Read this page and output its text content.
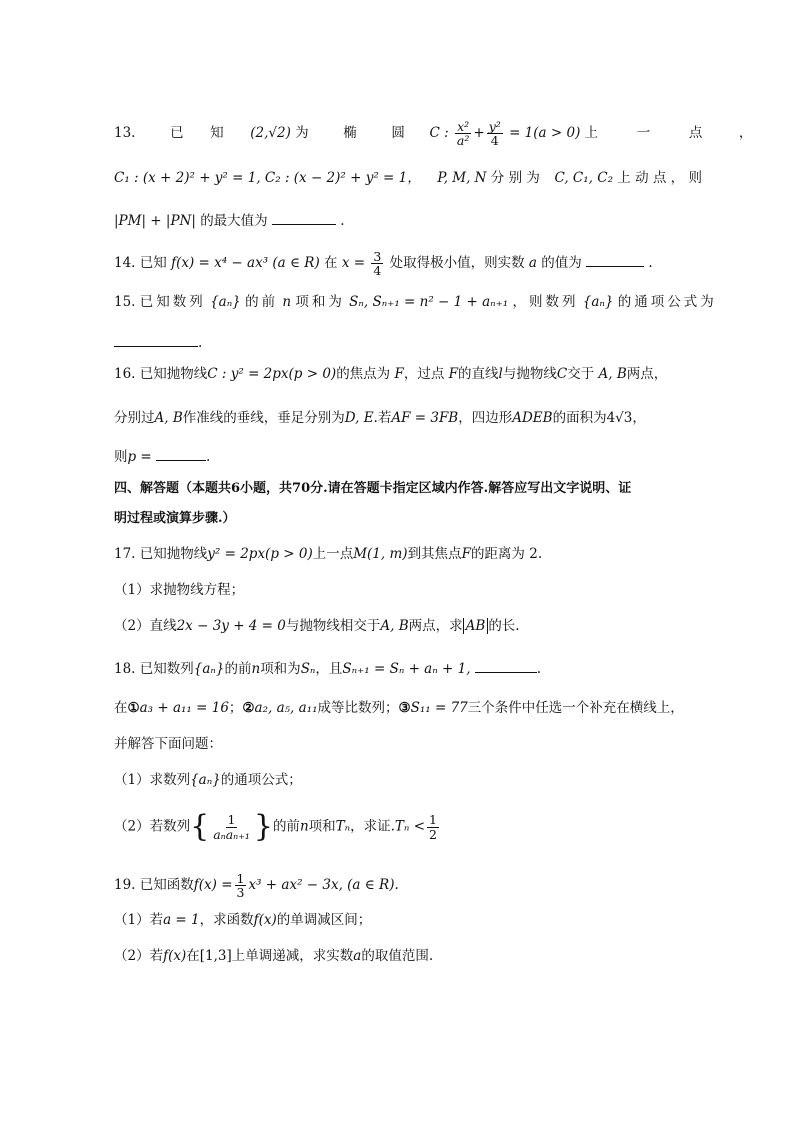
13.	已 知 (2,√2) 为	椭	圆 C : $\frac{\text{x²}}{\text{a²}} + \frac{\text{y²}}{4} = 1(a > 0)$ 上	一	点	，
C₁ : (x + 2)² + y² = 1, C₂ : (x − 2)² + y² = 1， P, M, N 分 别 为 C, C₁, C₂ 上 动 点 ， 则
|PM| + |PN| 的最大值为	.
14. 已知 f(x) = x⁴ − ax³ (a ∈ R) 在 $x = \frac{3}{4}$ 处取得极小值，则实数 a 的值为	.
15. 已知数列 {aₙ} 的前 n 项和为 Sₙ, Sₙ₊₁ = n² − 1 + aₙ₊₁ ，则数列 {aₙ} 的通项公式为
.
16. 已知抛物线C : y² = 2px(p > 0)的焦点为 F，过点 F的直线l与抛物线C交于 A, B两点，
分别过A, B作准线的垂线，垂足分别为D, E.若AF = 3FB，四边形ADEB的面积为4√3，
则p =	.
四、解答题（本题共6小题，共70分.请在答题卡指定区域内作答.解答应写出文字说明、证
明过程或演算步骤.）
17. 已知抛物线y² = 2px(p > 0)上一点M(1, m)到其焦点F的距离为 2.
（1）求抛物线方程；
（2）直线2x − 3y + 4 = 0与抛物线相交于A, B两点，求 AB 的长.
18. 已知数列{aₙ}的前n项和为Sₙ，且Sₙ₊₁ = Sₙ + aₙ + 1,	.
在①a₃ + a₁₁ = 16；②a₂, a₅, a₁₁成等比数列；③S₁₁ = 77三个条件中任选一个补充在横线上，
并解答下面问题：
（1）求数列{aₙ}的通项公式；
（2）若数列{ $\frac{1}{\text{aₙaₙ₊₁}}$ }的前n项和Tₙ，求证$.T_n < \frac{1}{2}$
19. 已知函数$f(x) = \frac{1}{3} x^3 + ax^2 - 3x$, (a ∈ R).
（1）若a = 1，求函数f(x)的单调减区间；
（2）若f(x)在[1,3]上单调递减，求实数a的取值范围.
